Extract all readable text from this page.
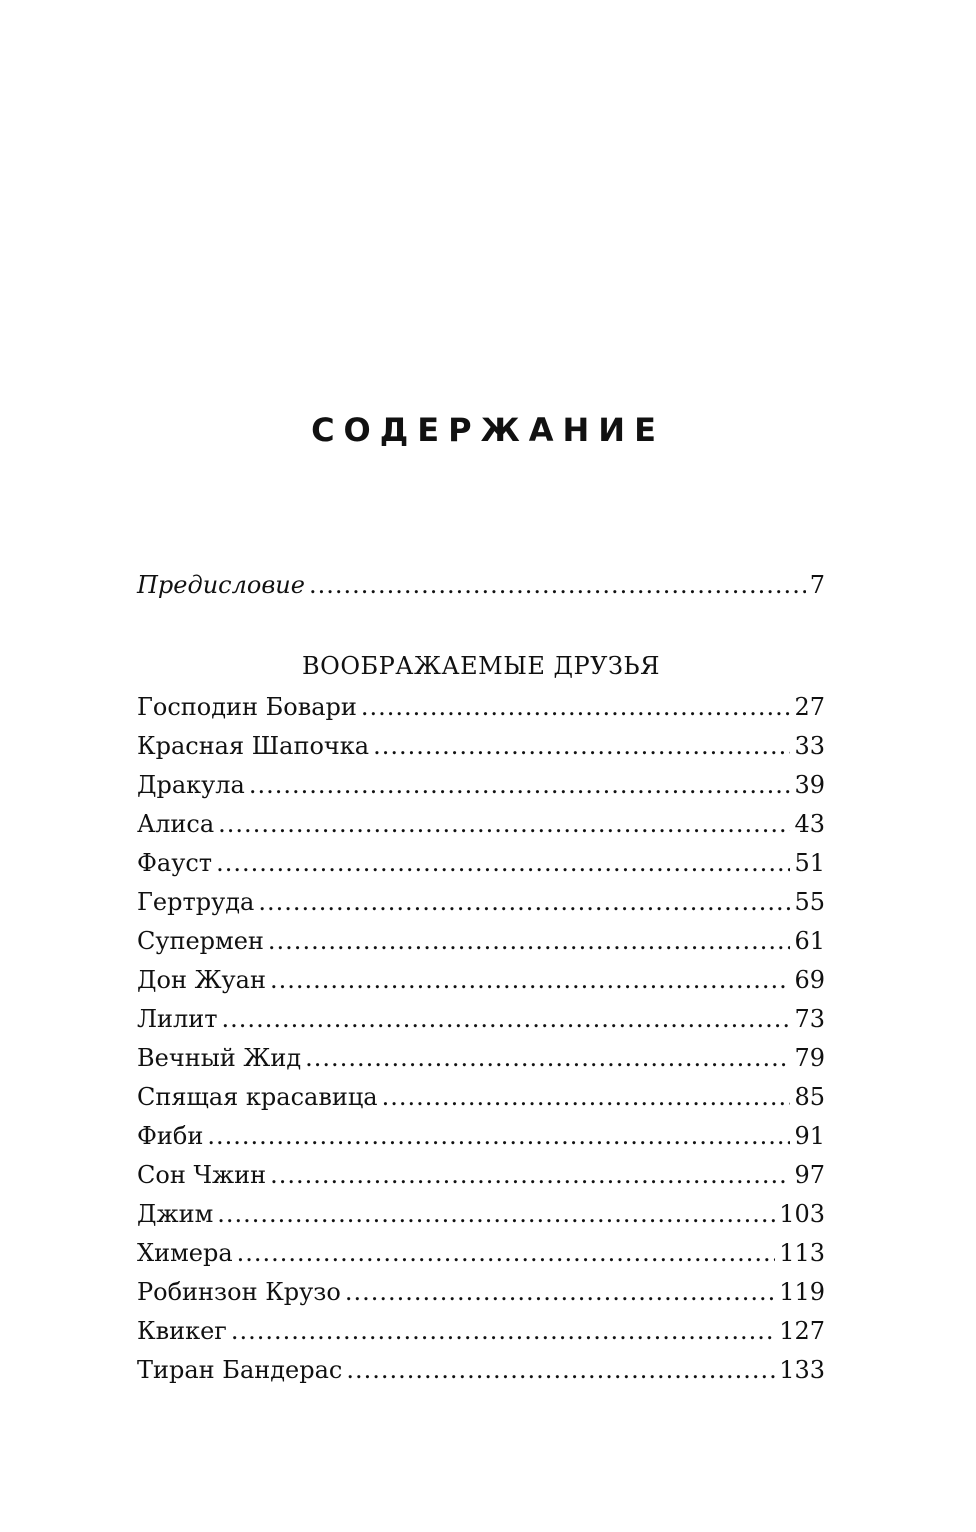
СОДЕРЖАНИЕ
Предисловие .....	7
ВООБРАЖАЕМЫЕ ДРУЗЬЯ
Господин Бовари .....	27
Красная Шапочка .....	33
Дракула .....	39
Алиса .....	43
Фауст .....	51
Гертруда .....	55
Супермен .....	61
Дон Жуан .....	69
Лилит .....	73
Вечный Жид .....	79
Спящая красавица .....	85
Фиби .....	91
Сон Чжин .....	97
Джим .....	103
Химера .....	113
Робинзон Крузо .....	119
Квикег .....	127
Тиран Бандерас .....	133
